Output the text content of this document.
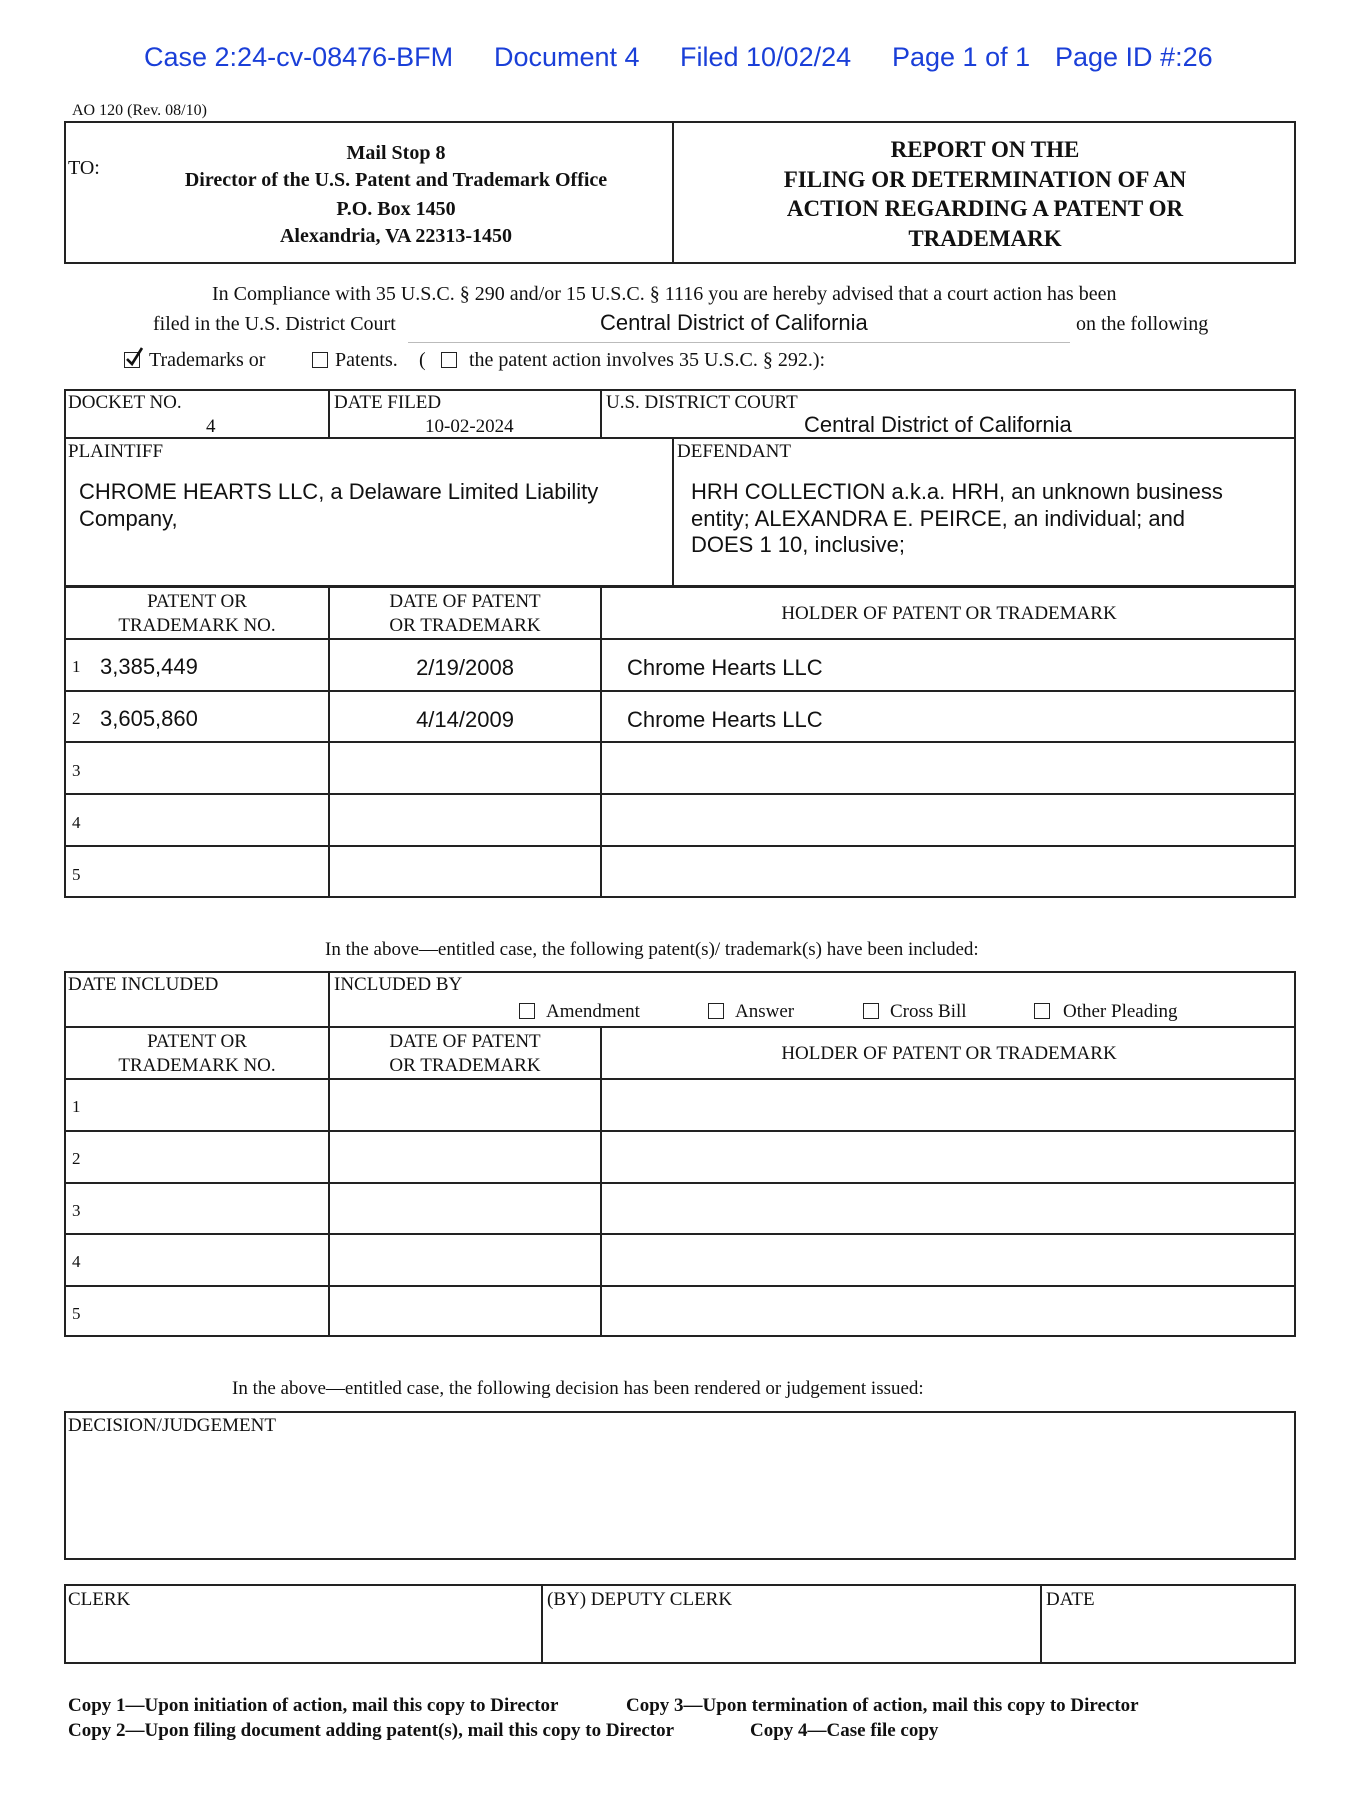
Case 2:24-cv-08476-BFM Document 4 Filed 10/02/24 Page 1 of 1 Page ID #:26
AO 120 (Rev. 08/10)
TO:
Mail Stop 8
Director of the U.S. Patent and Trademark Office
P.O. Box 1450
Alexandria, VA 22313-1450
REPORT ON THE
FILING OR DETERMINATION OF AN
ACTION REGARDING A PATENT OR
TRADEMARK
In Compliance with 35 U.S.C. § 290 and/or 15 U.S.C. § 1116 you are hereby advised that a court action has been
filed in the U.S. District Court	Central District of California	on the following
Trademarks or	Patents. ( the patent action involves 35 U.S.C. § 292.):
DOCKET NO.
4
DATE FILED
10-02-2024
U.S. DISTRICT COURT
Central District of California
PLAINTIFF
CHROME HEARTS LLC, a Delaware Limited Liability
Company,
DEFENDANT
HRH COLLECTION a.k.a. HRH, an unknown business
entity; ALEXANDRA E. PEIRCE, an individual; and
DOES 1 10, inclusive;
PATENT OR
TRADEMARK NO.
DATE OF PATENT
OR TRADEMARK
HOLDER OF PATENT OR TRADEMARK
1 3,385,449	2/19/2008	Chrome Hearts LLC
2 3,605,860	4/14/2009	Chrome Hearts LLC
3
4
5
In the above—entitled case, the following patent(s)/ trademark(s) have been included:
DATE INCLUDED	INCLUDED BY
Amendment	Answer	Cross Bill	Other Pleading
PATENT OR
TRADEMARK NO.
DATE OF PATENT
OR TRADEMARK
HOLDER OF PATENT OR TRADEMARK
1
2
3
4
5
In the above—entitled case, the following decision has been rendered or judgement issued:
DECISION/JUDGEMENT
CLERK	(BY) DEPUTY CLERK	DATE
Copy 1—Upon initiation of action, mail this copy to Director	Copy 3—Upon termination of action, mail this copy to Director
Copy 2—Upon filing document adding patent(s), mail this copy to Director	Copy 4—Case file copy
